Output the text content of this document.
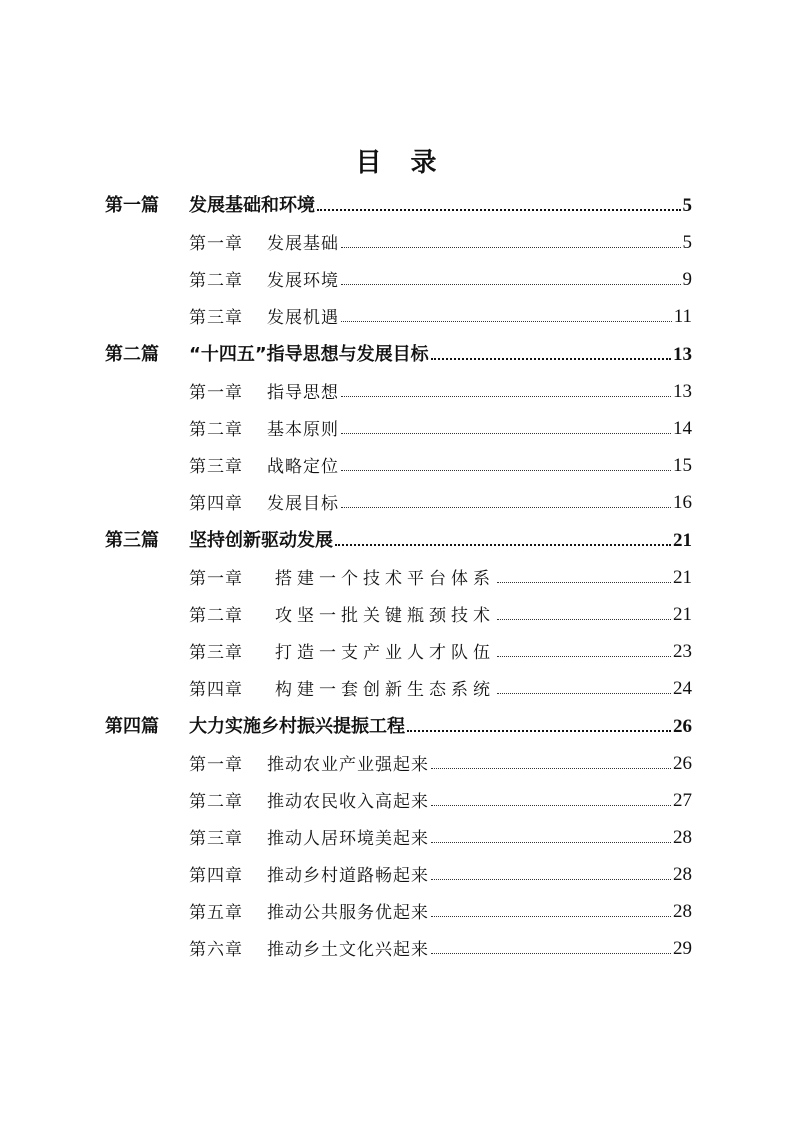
目 录
第一篇 发展基础和环境	5
第一章 发展基础	5
第二章 发展环境	9
第三章 发展机遇	11
第二篇 “十四五”指导思想与发展目标	13
第一章 指导思想	13
第二章 基本原则	14
第三章 战略定位	15
第四章 发展目标	16
第三篇 坚持创新驱动发展	21
第一章 搭建一个技术平台体系	21
第二章 攻坚一批关键瓶颈技术	21
第三章 打造一支产业人才队伍	23
第四章 构建一套创新生态系统	24
第四篇 大力实施乡村振兴提振工程	26
第一章 推动农业产业强起来	26
第二章 推动农民收入高起来	27
第三章 推动人居环境美起来	28
第四章 推动乡村道路畅起来	28
第五章 推动公共服务优起来	28
第六章 推动乡土文化兴起来	29
